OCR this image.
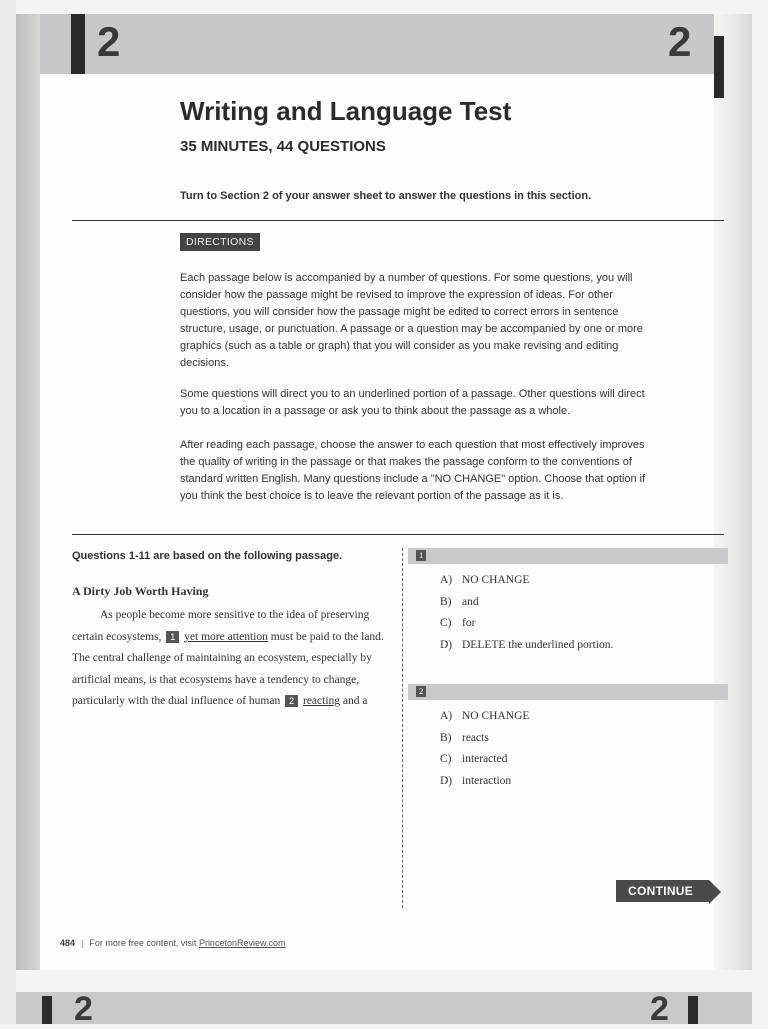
2	2
Writing and Language Test
35 MINUTES, 44 QUESTIONS
Turn to Section 2 of your answer sheet to answer the questions in this section.
DIRECTIONS

Each passage below is accompanied by a number of questions. For some questions, you will consider how the passage might be revised to improve the expression of ideas. For other questions, you will consider how the passage might be edited to correct errors in sentence structure, usage, or punctuation. A passage or a question may be accompanied by one or more graphics (such as a table or graph) that you will consider as you make revising and editing decisions.

Some questions will direct you to an underlined portion of a passage. Other questions will direct you to a location in a passage or ask you to think about the passage as a whole.

After reading each passage, choose the answer to each question that most effectively improves the quality of writing in the passage or that makes the passage conform to the conventions of standard written English. Many questions include a "NO CHANGE" option. Choose that option if you think the best choice is to leave the relevant portion of the passage as it is.

Questions 1-11 are based on the following passage.

A Dirty Job Worth Having

As people become more sensitive to the idea of preserving certain ecosystems, 1 yet more attention must be paid to the land. The central challenge of maintaining an ecosystem, especially by artificial means, is that ecosystems have a tendency to change, particularly with the dual influence of human 2 reacting and a

1
A) NO CHANGE
B) and
C) for
D) DELETE the underlined portion.
2
A) NO CHANGE
B) reacts
C) interacted
D) interaction
CONTINUE
484 | For more free content, visit PrincetonReview.com
2	2
